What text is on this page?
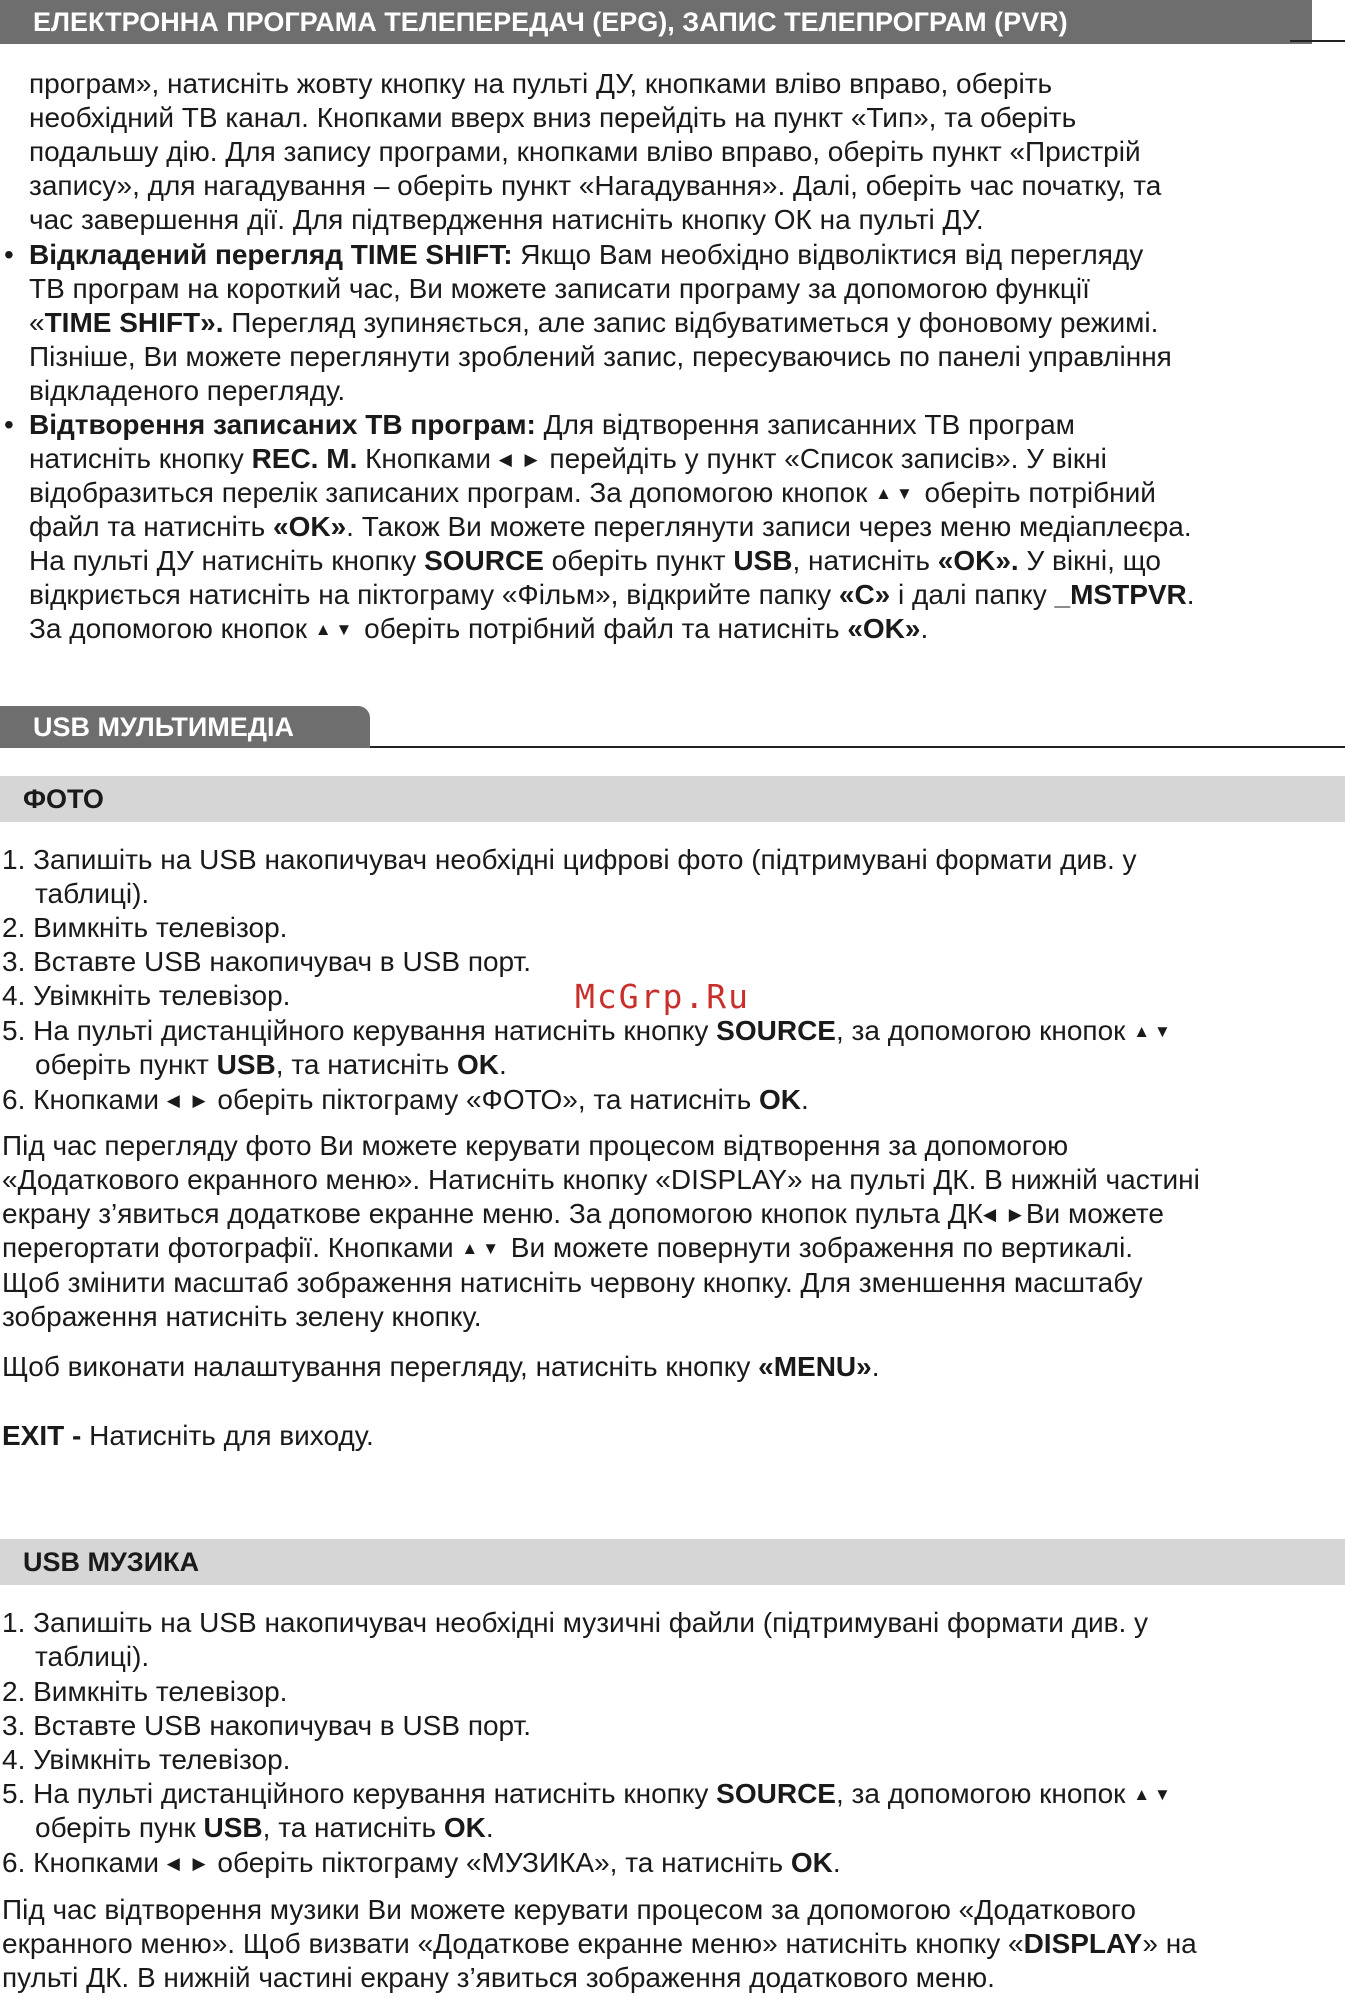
ЕЛЕКТРОННА ПРОГРАМА ТЕЛЕПЕРЕДАЧ (EPG), ЗАПИС ТЕЛЕПРОГРАМ (PVR)
програм», натисніть жовту кнопку на пульті ДУ, кнопками вліво вправо, оберіть
необхідний ТВ канал. Кнопками вверх вниз перейдіть на пункт «Тип», та оберіть
подальшу дію. Для запису програми, кнопками вліво вправо, оберіть пункт «Пристрій
запису», для нагадування – оберіть пункт «Нагадування». Далі, оберіть час початку, та
час завершення дії. Для підтвердження натисніть кнопку ОК на пульті ДУ.
• Відкладений перегляд TIME SHIFT: Якщо Вам необхідно відволіктися від перегляду
ТВ програм на короткий час, Ви можете записати програму за допомогою функції
«TIME SHIFT». Перегляд зупиняється, але запис відбуватиметься у фоновому режимі.
Пізніше, Ви можете переглянути зроблений запис, пересуваючись по панелі управління
відкладеного перегляду.
• Відтворення записаних ТВ програм: Для відтворення записанних ТВ програм
натисніть кнопку REC. M. Кнопками ◀ ▶ перейдіть у пункт «Список записів». У вікні
відобразиться перелік записаних програм. За допомогою кнопок ▲▼ оберіть потрібний
файл та натисніть «OK». Також Ви можете переглянути записи через меню медіаплеєра.
На пульті ДУ натисніть кнопку SOURCE оберіть пункт USB, натисніть «OK». У вікні, що
відкриється натисніть на піктограму «Фільм», відкрийте папку «C» і далі папку _MSTPVR.
За допомогою кнопок ▲▼ оберіть потрібний файл та натисніть «OK».
USB МУЛЬТИМЕДІА
ФОТО
1. Запишіть на USB накопичувач необхідні цифрові фото (підтримувані формати див. у
таблиці).
2. Вимкніть телевізор.
3. Вставте USB накопичувач в USB порт.
4. Увімкніть телевізор.
5. На пульті дистанційного керування натисніть кнопку SOURCE, за допомогою кнопок ▲▼
оберіть пункт USB, та натисніть OK.
6. Кнопками ◀ ▶ оберіть піктограму «ФОТО», та натисніть OK.
Під час перегляду фото Ви можете керувати процесом відтворення за допомогою
«Додаткового екранного меню». Натисніть кнопку «DISPLAY» на пульті ДК. В нижній частині
екрану з’явиться додаткове екранне меню. За допомогою кнопок пульта ДК◀ ▶Ви можете
перегортати фотографії. Кнопками ▲▼ Ви можете повернути зображення по вертикалі.
Щоб змінити масштаб зображення натисніть червону кнопку. Для зменшення масштабу
зображення натисніть зелену кнопку.
Щоб виконати налаштування перегляду, натисніть кнопку «MENU».
EXIT - Натисніть для виходу.
USB МУЗИКА
1. Запишіть на USB накопичувач необхідні музичні файли (підтримувані формати див. у
таблиці).
2. Вимкніть телевізор.
3. Вставте USB накопичувач в USB порт.
4. Увімкніть телевізор.
5. На пульті дистанційного керування натисніть кнопку SOURCE, за допомогою кнопок ▲▼
оберіть пунк USB, та натисніть OK.
6. Кнопками ◀ ▶ оберіть піктограму «МУЗИКА», та натисніть OK.
Під час відтворення музики Ви можете керувати процесом за допомогою «Додаткового
екранного меню». Щоб визвати «Додаткове екранне меню» натисніть кнопку «DISPLAY» на
пульті ДК. В нижній частині екрану з’явиться зображення додаткового меню.
McGrp.Ru
